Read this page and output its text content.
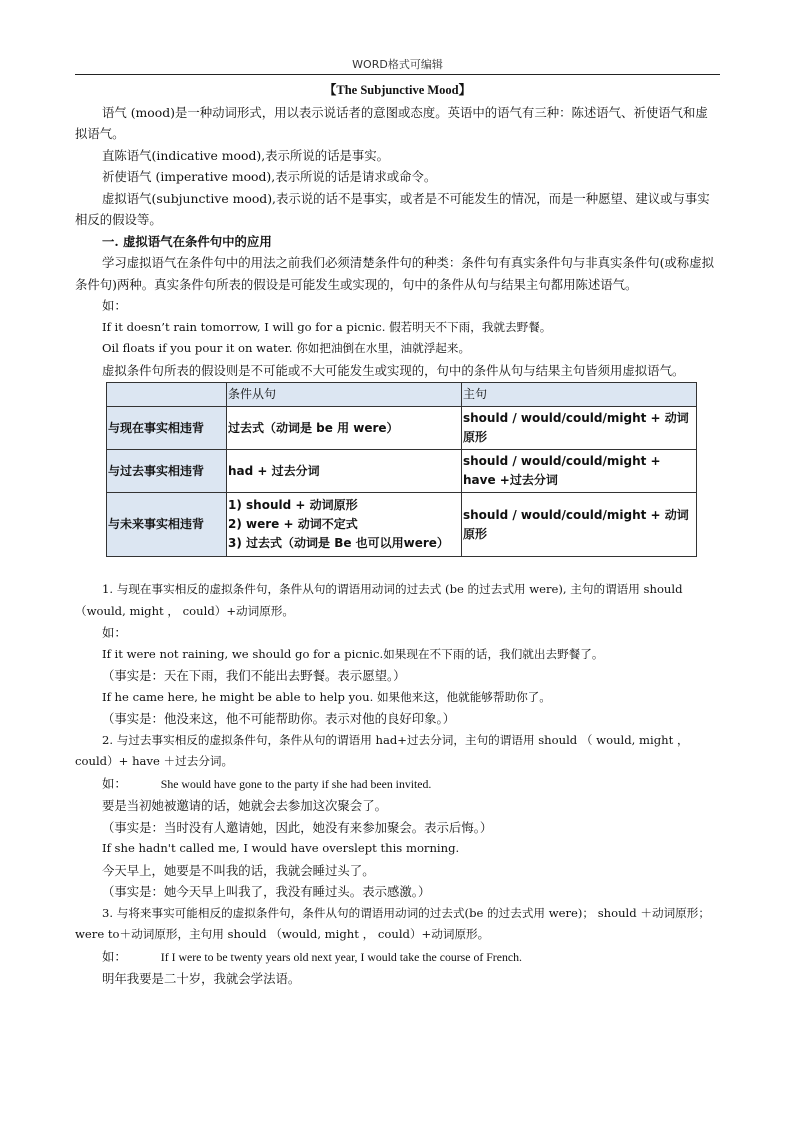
WORD格式可编辑
【The Subjunctive Mood】

语气 (mood)是一种动词形式，用以表示说话者的意图或态度。英语中的语气有三种：陈述语气、祈使语气和虚拟语气。

直陈语气(indicative mood),表示所说的话是事实。

祈使语气 (imperative mood),表示所说的话是请求或命令。

虚拟语气(subjunctive mood),表示说的话不是事实，或者是不可能发生的情况，而是一种愿望、建议或与事实相反的假设等。

一. 虚拟语气在条件句中的应用

学习虚拟语气在条件句中的用法之前我们必须清楚条件句的种类：条件句有真实条件句与非真实条件句(或称虚拟条件句)两种。真实条件句所表的假设是可能发生或实现的，句中的条件从句与结果主句都用陈述语气。

如：

If it doesn’t rain tomorrow, I will go for a picnic. 假若明天不下雨，我就去野餐。

Oil floats if you pour it on water. 你如把油倒在水里，油就浮起来。

虚拟条件句所表的假设则是不可能或不大可能发生或实现的，句中的条件从句与结果主句皆须用虚拟语气。

	条件从句	主句
与现在事实相违背	过去式（动词是 be 用 were）	should / would/could/might + 动词原形
与过去事实相违背	had + 过去分词	should / would/could/might + have +过去分词
与未来事实相违背	1) should + 动词原形
2) were + 动词不定式
3) 过去式（动词是 Be 也可以用were）	should / would/could/might + 动词原形

1. 与现在事实相反的虚拟条件句，条件从句的谓语用动词的过去式 (be 的过去式用 were), 主句的谓语用 should （would, might ， could）+动词原形。

如：

If it were not raining, we should go for a picnic.如果现在不下雨的话，我们就出去野餐了。

（事实是：天在下雨，我们不能出去野餐。表示愿望。）

If he came here, he might be able to help you. 如果他来这，他就能够帮助你了。

（事实是：他没来这，他不可能帮助你。表示对他的良好印象。）

2. 与过去事实相反的虚拟条件句，条件从句的谓语用 had+过去分词，主句的谓语用 should （ would, might ， could）+ have ＋过去分词。

如：	She would have gone to the party if she had been invited.

要是当初她被邀请的话，她就会去参加这次聚会了。

（事实是：当时没有人邀请她，因此，她没有来参加聚会。表示后悔。）

If she hadn't called me, I would have overslept this morning.

今天早上，她要是不叫我的话，我就会睡过头了。

（事实是：她今天早上叫我了，我没有睡过头。表示感激。）

3. 与将来事实可能相反的虚拟条件句，条件从句的谓语用动词的过去式(be 的过去式用 were)； should ＋动词原形；were to＋动词原形，主句用 should （would, might ， could）+动词原形。

如：	If I were to be twenty years old next year, I would take the course of French.

明年我要是二十岁，我就会学法语。
